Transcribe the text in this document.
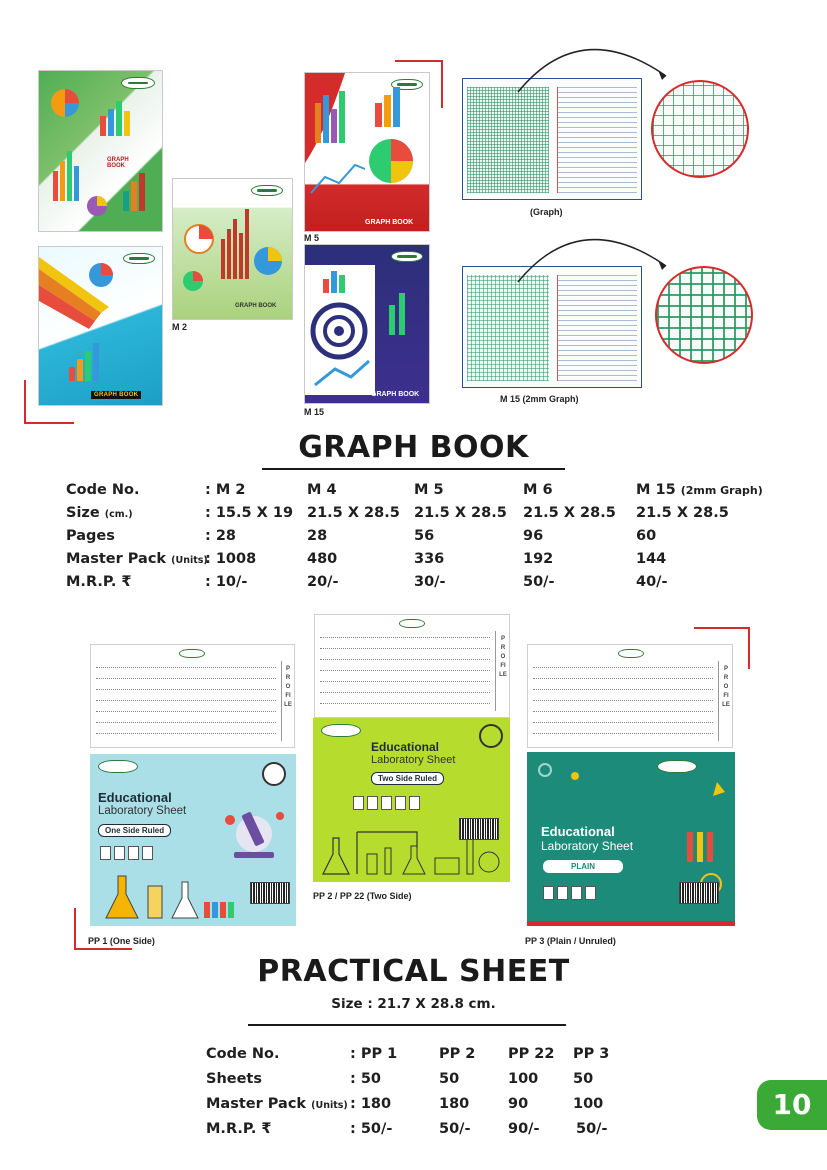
GRAPH
BOOK
GRAPH BOOK
GRAPH BOOK
M 2
GRAPH BOOK
M 5
GRAPH BOOK
M 15
(Graph)
M 15 (2mm Graph)
GRAPH BOOK
Code No.
Size (cm.)
Pages
Master Pack (Units)
M.R.P. ₹
: M 2
: 15.5 X 19
: 28
: 1008
: 10/-
M 4
21.5 X 28.5
28
480
20/-
M 5
21.5 X 28.5
56
336
30/-
M 6
21.5 X 28.5
96
192
50/-
M 15 (2mm Graph)
21.5 X 28.5
60
144
40/-
PROFILE
PROFILE
PROFILE
Educational
Laboratory Sheet
One Side Ruled
PP 1 (One Side)
Educational
Laboratory Sheet
Two Side Ruled
PP 2 / PP 22 (Two Side)
Educational
Laboratory Sheet
PLAIN
PP 3 (Plain / Unruled)
PRACTICAL SHEET
Size : 21.7 X 28.8 cm.
Code No.
Sheets
Master Pack (Units)
M.R.P. ₹
: PP 1
: 50
: 180
: 50/-
PP 2
50
180
50/-
PP 22
100
90
90/-
PP 3
50
100
50/-
10
